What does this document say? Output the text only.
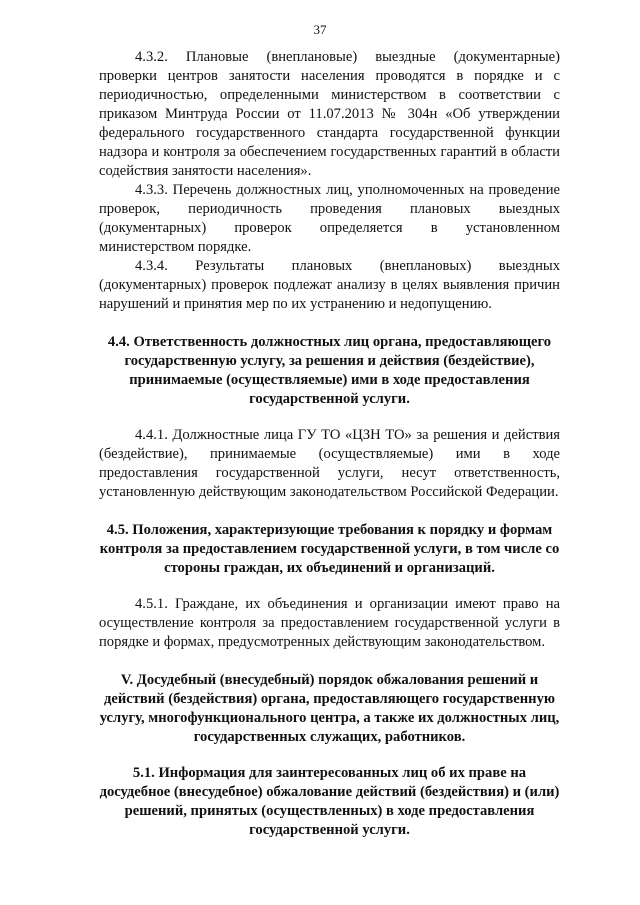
37

4.3.2. Плановые (внеплановые) выездные (документарные) проверки центров занятости населения проводятся в порядке и с периодичностью, определенными министерством в соответствии с приказом Минтруда России от 11.07.2013 № 304н «Об утверждении федерального государственного стандарта государственной функции надзора и контроля за обеспечением государственных гарантий в области содействия занятости населения».

4.3.3. Перечень должностных лиц, уполномоченных на проведение проверок, периодичность проведения плановых выездных (документарных) проверок определяется в установленном министерством порядке.

4.3.4. Результаты плановых (внеплановых) выездных (документарных) проверок подлежат анализу в целях выявления причин нарушений и принятия мер по их устранению и недопущению.

4.4. Ответственность должностных лиц органа, предоставляющего государственную услугу, за решения и действия (бездействие), принимаемые (осуществляемые) ими в ходе предоставления государственной услуги.

4.4.1. Должностные лица ГУ ТО «ЦЗН ТО» за решения и действия (бездействие), принимаемые (осуществляемые) ими в ходе предоставления государственной услуги, несут ответственность, установленную действующим законодательством Российской Федерации.

4.5. Положения, характеризующие требования к порядку и формам контроля за предоставлением государственной услуги, в том числе со стороны граждан, их объединений и организаций.

4.5.1. Граждане, их объединения и организации имеют право на осуществление контроля за предоставлением государственной услуги в порядке и формах, предусмотренных действующим законодательством.

V. Досудебный (внесудебный) порядок обжалования решений и действий (бездействия) органа, предоставляющего государственную услугу, многофункционального центра, а также их должностных лиц, государственных служащих, работников.
5.1. Информация для заинтересованных лиц об их праве на досудебное (внесудебное) обжалование действий (бездействия) и (или) решений, принятых (осуществленных) в ходе предоставления государственной услуги.
